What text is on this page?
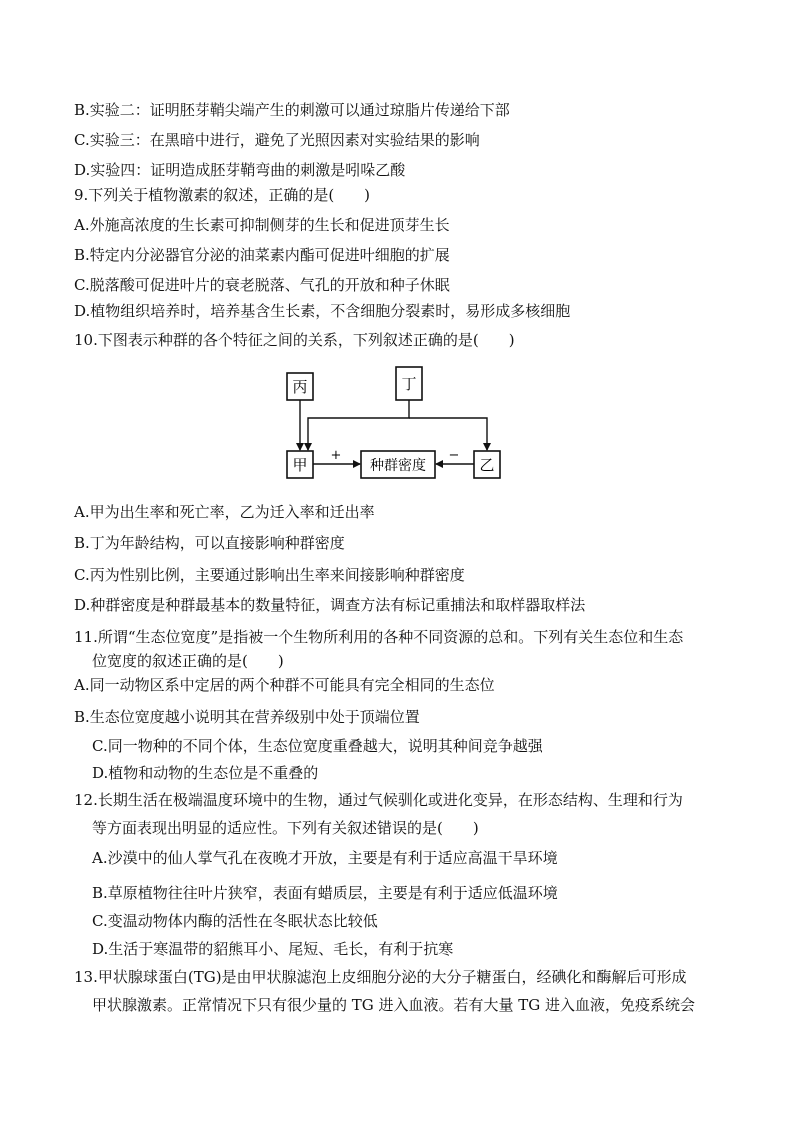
B.实验二：证明胚芽鞘尖端产生的刺激可以通过琼脂片传递给下部
C.实验三：在黑暗中进行，避免了光照因素对实验结果的影响
D.实验四：证明造成胚芽鞘弯曲的刺激是吲哚乙酸
9.下列关于植物激素的叙述，正确的是(　　)
A.外施高浓度的生长素可抑制侧芽的生长和促进顶芽生长
B.特定内分泌器官分泌的油菜素内酯可促进叶细胞的扩展
C.脱落酸可促进叶片的衰老脱落、气孔的开放和种子休眠
D.植物组织培养时，培养基含生长素，不含细胞分裂素时，易形成多核细胞
10.下图表示种群的各个特征之间的关系，下列叙述正确的是(　　)
丙	丁
甲	种群密度	乙
+	−
A.甲为出生率和死亡率，乙为迁入率和迁出率
B.丁为年龄结构，可以直接影响种群密度
C.丙为性别比例，主要通过影响出生率来间接影响种群密度
D.种群密度是种群最基本的数量特征，调查方法有标记重捕法和取样器取样法
11.所谓“生态位宽度”是指被一个生物所利用的各种不同资源的总和。下列有关生态位和生态
位宽度的叙述正确的是(　　)
A.同一动物区系中定居的两个种群不可能具有完全相同的生态位
B.生态位宽度越小说明其在营养级别中处于顶端位置
C.同一物种的不同个体，生态位宽度重叠越大，说明其种间竞争越强
D.植物和动物的生态位是不重叠的
12.长期生活在极端温度环境中的生物，通过气候驯化或进化变异，在形态结构、生理和行为
等方面表现出明显的适应性。下列有关叙述错误的是(　　)
A.沙漠中的仙人掌气孔在夜晚才开放，主要是有利于适应高温干旱环境
B.草原植物往往叶片狭窄，表面有蜡质层，主要是有利于适应低温环境
C.变温动物体内酶的活性在冬眠状态比较低
D.生活于寒温带的貂熊耳小、尾短、毛长，有利于抗寒
13.甲状腺球蛋白(TG)是由甲状腺滤泡上皮细胞分泌的大分子糖蛋白，经碘化和酶解后可形成
甲状腺激素。正常情况下只有很少量的 TG 进入血液。若有大量 TG 进入血液，免疫系统会
